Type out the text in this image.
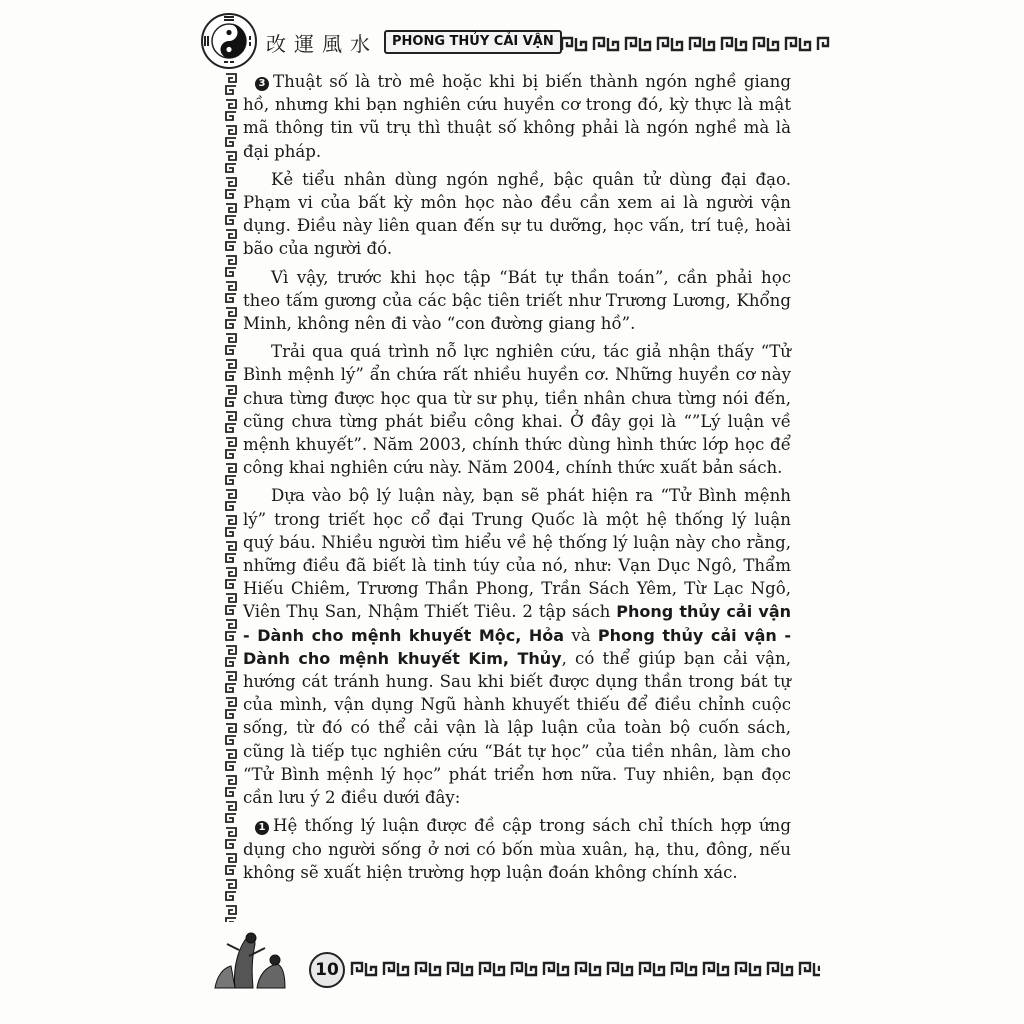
改運風水	PHONG THỦY CẢI VẬN

3 Thuật số là trò mê hoặc khi bị biến thành ngón nghề giang hồ, nhưng khi bạn nghiên cứu huyền cơ trong đó, kỳ thực là mật mã thông tin vũ trụ thì thuật số không phải là ngón nghề mà là đại pháp.

Kẻ tiểu nhân dùng ngón nghề, bậc quân tử dùng đại đạo. Phạm vi của bất kỳ môn học nào đều cần xem ai là người vận dụng. Điều này liên quan đến sự tu dưỡng, học vấn, trí tuệ, hoài bão của người đó.

Vì vậy, trước khi học tập “Bát tự thần toán”, cần phải học theo tấm gương của các bậc tiên triết như Trương Lương, Khổng Minh, không nên đi vào “con đường giang hồ”.

Trải qua quá trình nỗ lực nghiên cứu, tác giả nhận thấy “Tử Bình mệnh lý” ẩn chứa rất nhiều huyền cơ. Những huyền cơ này chưa từng được học qua từ sư phụ, tiền nhân chưa từng nói đến, cũng chưa từng phát biểu công khai. Ở đây gọi là “”Lý luận về mệnh khuyết”. Năm 2003, chính thức dùng hình thức lớp học để công khai nghiên cứu này. Năm 2004, chính thức xuất bản sách.

Dựa vào bộ lý luận này, bạn sẽ phát hiện ra “Tử Bình mệnh lý” trong triết học cổ đại Trung Quốc là một hệ thống lý luận quý báu. Nhiều người tìm hiểu về hệ thống lý luận này cho rằng, những điều đã biết là tinh túy của nó, như: Vạn Dục Ngô, Thẩm Hiếu Chiêm, Trương Thần Phong, Trần Sách Yêm, Từ Lạc Ngô, Viên Thụ San, Nhậm Thiết Tiêu. 2 tập sách Phong thủy cải vận - Dành cho mệnh khuyết Mộc, Hỏa và Phong thủy cải vận - Dành cho mệnh khuyết Kim, Thủy, có thể giúp bạn cải vận, hướng cát tránh hung. Sau khi biết được dụng thần trong bát tự của mình, vận dụng Ngũ hành khuyết thiếu để điều chỉnh cuộc sống, từ đó có thể cải vận là lập luận của toàn bộ cuốn sách, cũng là tiếp tục nghiên cứu “Bát tự học” của tiền nhân, làm cho “Tử Bình mệnh lý học” phát triển hơn nữa. Tuy nhiên, bạn đọc cần lưu ý 2 điều dưới đây:

1 Hệ thống lý luận được đề cập trong sách chỉ thích hợp ứng dụng cho người sống ở nơi có bốn mùa xuân, hạ, thu, đông, nếu không sẽ xuất hiện trường hợp luận đoán không chính xác.

10
